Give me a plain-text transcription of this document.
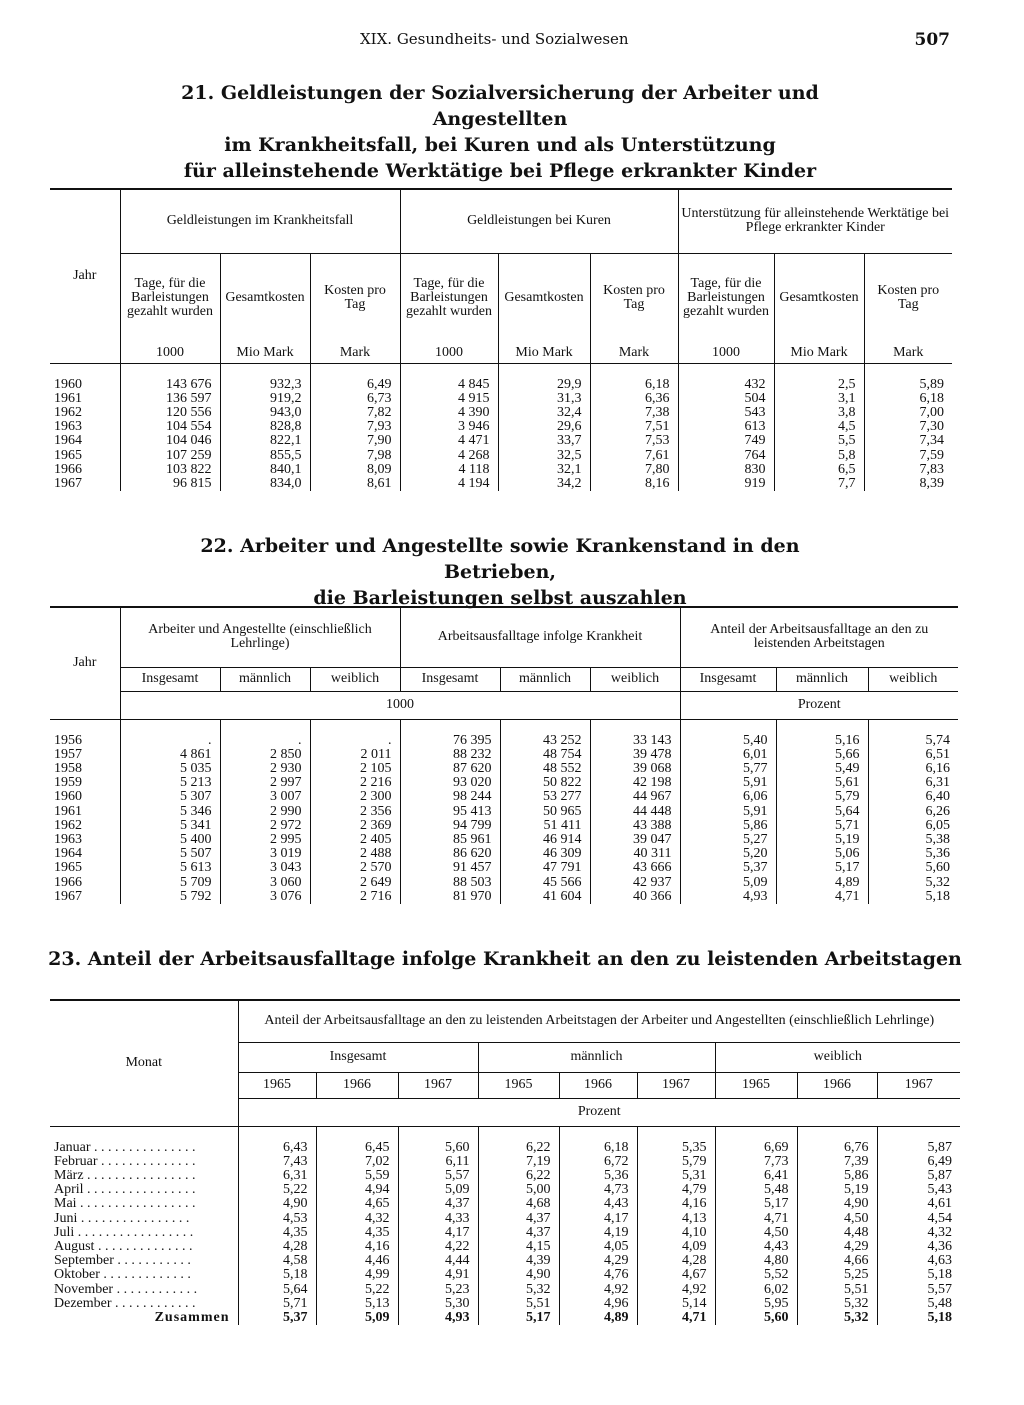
XIX. Gesundheits- und Sozialwesen	507
21. Geldleistungen der Sozialversicherung der Arbeiter und Angestellten
im Krankheitsfall, bei Kuren und als Unterstützung
für alleinstehende Werktätige bei Pflege erkrankter Kinder
Jahr	Geldleistungen im Krankheitsfall			Geldleistungen bei Kuren			Unterstützung für alleinstehende Werktätige bei Pflege erkrankter Kinder		
	Tage, für die Barleistungen gezahlt wurden	Gesamtkosten	Kosten pro Tag	Tage, für die Barleistungen gezahlt wurden	Gesamtkosten	Kosten pro Tag	Tage, für die Barleistungen gezahlt wurden	Gesamtkosten	Kosten pro Tag
	1000	Mio Mark	Mark	1000	Mio Mark	Mark	1000	Mio Mark	Mark

1960	143 676	932,3	6,49	4 845	29,9	6,18	432	2,5	5,89
1961	136 597	919,2	6,73	4 915	31,3	6,36	504	3,1	6,18
1962	120 556	943,0	7,82	4 390	32,4	7,38	543	3,8	7,00
1963	104 554	828,8	7,93	3 946	29,6	7,51	613	4,5	7,30
1964	104 046	822,1	7,90	4 471	33,7	7,53	749	5,5	7,34
1965	107 259	855,5	7,98	4 268	32,5	7,61	764	5,8	7,59
1966	103 822	840,1	8,09	4 118	32,1	7,80	830	6,5	7,83
1967	96 815	834,0	8,61	4 194	34,2	8,16	919	7,7	8,39
22. Arbeiter und Angestellte sowie Krankenstand in den Betrieben,
die Barleistungen selbst auszahlen
Jahr	Arbeiter und Angestellte (einschließlich Lehrlinge)			Arbeitsausfalltage infolge Krankheit			Anteil der Arbeitsausfalltage an den zu leistenden Arbeitstagen		
	Insgesamt	männlich	weiblich	Insgesamt	männlich	weiblich	Insgesamt	männlich	weiblich
	1000						Prozent		

1956	.	.	.	76 395	43 252	33 143	5,40	5,16	5,74
1957	4 861	2 850	2 011	88 232	48 754	39 478	6,01	5,66	6,51
1958	5 035	2 930	2 105	87 620	48 552	39 068	5,77	5,49	6,16
1959	5 213	2 997	2 216	93 020	50 822	42 198	5,91	5,61	6,31
1960	5 307	3 007	2 300	98 244	53 277	44 967	6,06	5,79	6,40
1961	5 346	2 990	2 356	95 413	50 965	44 448	5,91	5,64	6,26
1962	5 341	2 972	2 369	94 799	51 411	43 388	5,86	5,71	6,05
1963	5 400	2 995	2 405	85 961	46 914	39 047	5,27	5,19	5,38
1964	5 507	3 019	2 488	86 620	46 309	40 311	5,20	5,06	5,36
1965	5 613	3 043	2 570	91 457	47 791	43 666	5,37	5,17	5,60
1966	5 709	3 060	2 649	88 503	45 566	42 937	5,09	4,89	5,32
1967	5 792	3 076	2 716	81 970	41 604	40 366	4,93	4,71	5,18
23. Anteil der Arbeitsausfalltage infolge Krankheit an den zu leistenden Arbeitstagen
Monat	Anteil der Arbeitsausfalltage an den zu leistenden Arbeitstagen der Arbeiter und Angestellten (einschließlich Lehrlinge)								
	Insgesamt			männlich			weiblich		
	1965	1966	1967	1965	1966	1967	1965	1966	1967
	Prozent								

Januar . . . . . . . . . . . . . . .	6,43	6,45	5,60	6,22	6,18	5,35	6,69	6,76	5,87
Februar . . . . . . . . . . . . . .	7,43	7,02	6,11	7,19	6,72	5,79	7,73	7,39	6,49
März . . . . . . . . . . . . . . . .	6,31	5,59	5,57	6,22	5,36	5,31	6,41	5,86	5,87
April . . . . . . . . . . . . . . . .	5,22	4,94	5,09	5,00	4,73	4,79	5,48	5,19	5,43
Mai . . . . . . . . . . . . . . . . .	4,90	4,65	4,37	4,68	4,43	4,16	5,17	4,90	4,61
Juni . . . . . . . . . . . . . . . .	4,53	4,32	4,33	4,37	4,17	4,13	4,71	4,50	4,54
Juli . . . . . . . . . . . . . . . . .	4,35	4,35	4,17	4,37	4,19	4,10	4,50	4,48	4,32
August . . . . . . . . . . . . . .	4,28	4,16	4,22	4,15	4,05	4,09	4,43	4,29	4,36
September . . . . . . . . . . .	4,58	4,46	4,44	4,39	4,29	4,28	4,80	4,66	4,63
Oktober . . . . . . . . . . . . .	5,18	4,99	4,91	4,90	4,76	4,67	5,52	5,25	5,18
November . . . . . . . . . . . .	5,64	5,22	5,23	5,32	4,92	4,92	6,02	5,51	5,57
Dezember . . . . . . . . . . . .	5,71	5,13	5,30	5,51	4,96	5,14	5,95	5,32	5,48
Zusammen	5,37	5,09	4,93	5,17	4,89	4,71	5,60	5,32	5,18
